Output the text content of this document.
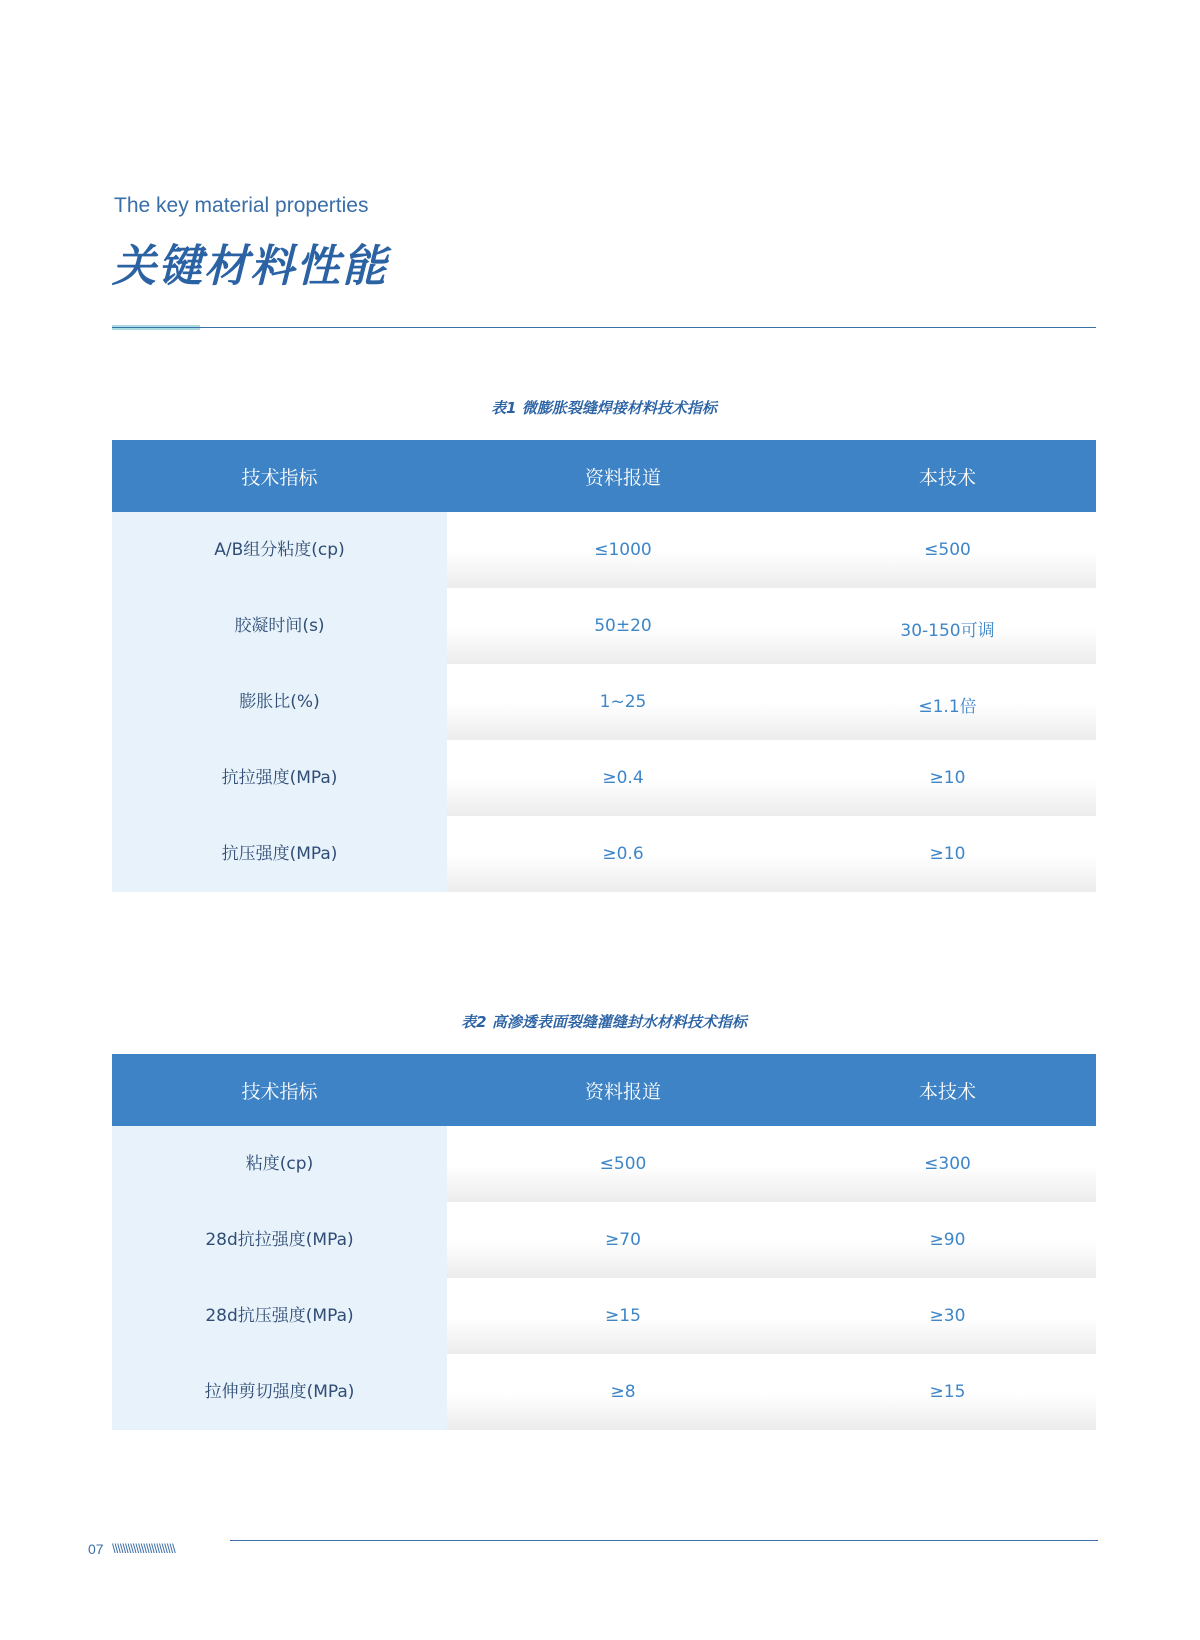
The key material properties
关键材料性能
表1 微膨胀裂缝焊接材料技术指标
技术指标	资料报道	本技术
A/B组分粘度(cp)	≤1000	≤500
胶凝时间(s)	50±20	30-150可调
膨胀比(%)	1~25	≤1.1倍
抗拉强度(MPa)	≥0.4	≥10
抗压强度(MPa)	≥0.6	≥10
表2 高渗透表面裂缝灌缝封水材料技术指标
技术指标	资料报道	本技术
粘度(cp)	≤500	≤300
28d抗拉强度(MPa)	≥70	≥90
28d抗压强度(MPa)	≥15	≥30
拉伸剪切强度(MPa)	≥8	≥15
07 \\\\\\\\\\\\\\\\\\\\\\\\
